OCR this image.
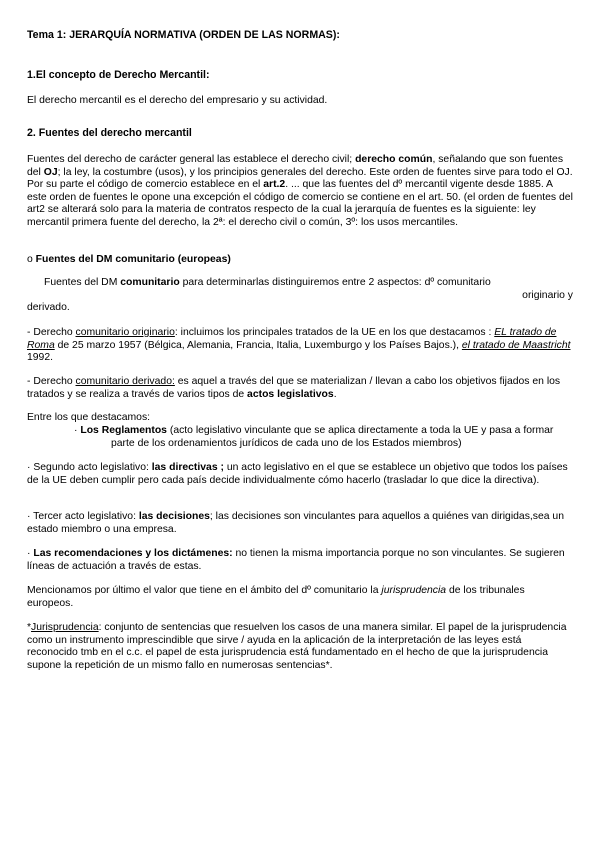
Tema 1: JERARQUÍA NORMATIVA (ORDEN DE LAS NORMAS):

1.El concepto de Derecho Mercantil:

El derecho mercantil es el derecho del empresario y su actividad.

2. Fuentes del derecho mercantil

Fuentes del derecho de carácter general las establece el derecho civil; derecho común, señalando que son fuentes del OJ; la ley, la costumbre (usos), y los principios generales del derecho. Este orden de fuentes sirve para todo el OJ. Por su parte el código de comercio establece en el art.2. ... que las fuentes del dº mercantil vigente desde 1885. A este orden de fuentes le opone una excepción el código de comercio se contiene en el art. 50. (el orden de fuentes del art2 se alterará solo para la materia de contratos respecto de la cual la jerarquía de fuentes es la siguiente: ley mercantil primera fuente del derecho, la 2ª: el derecho civil o común, 3º: los usos mercantiles.

o Fuentes del DM comunitario (europeas)

Fuentes del DM comunitario para determinarlas distinguiremos entre 2 aspectos: dº comunitario

originario y

derivado.

- Derecho comunitario originario: incluimos los principales tratados de la UE en los que destacamos : EL tratado de Roma de 25 marzo 1957 (Bélgica, Alemania, Francia, Italia, Luxemburgo y los Países Bajos.), el tratado de Maastricht 1992.

- Derecho comunitario derivado: es aquel a través del que se materializan / llevan a cabo los objetivos fijados en los tratados y se realiza a través de varios tipos de actos legislativos.

Entre los que destacamos:

· Los Reglamentos (acto legislativo vinculante que se aplica directamente a toda la UE y pasa a formar parte de los ordenamientos jurídicos de cada uno de los Estados miembros)

· Segundo acto legislativo: las directivas ; un acto legislativo en el que se establece un objetivo que todos los países de la UE deben cumplir pero cada país decide individualmente cómo hacerlo (trasladar lo que dice la directiva).

· Tercer acto legislativo: las decisiones; las decisiones son vinculantes para aquellos a quiénes van dirigidas,sea un estado miembro o una empresa.

· Las recomendaciones y los dictámenes: no tienen la misma importancia porque no son vinculantes. Se sugieren líneas de actuación a través de estas.

Mencionamos por último el valor que tiene en el ámbito del dº comunitario la jurisprudencia de los tribunales europeos.

*Jurisprudencia: conjunto de sentencias que resuelven los casos de una manera similar. El papel de la jurisprudencia como un instrumento imprescindible que sirve / ayuda en la aplicación de la interpretación de las leyes está reconocido tmb en el c.c. el papel de esta jurisprudencia está fundamentado en el hecho de que la jurisprudencia supone la repetición de un mismo fallo en numerosas sentencias*.
